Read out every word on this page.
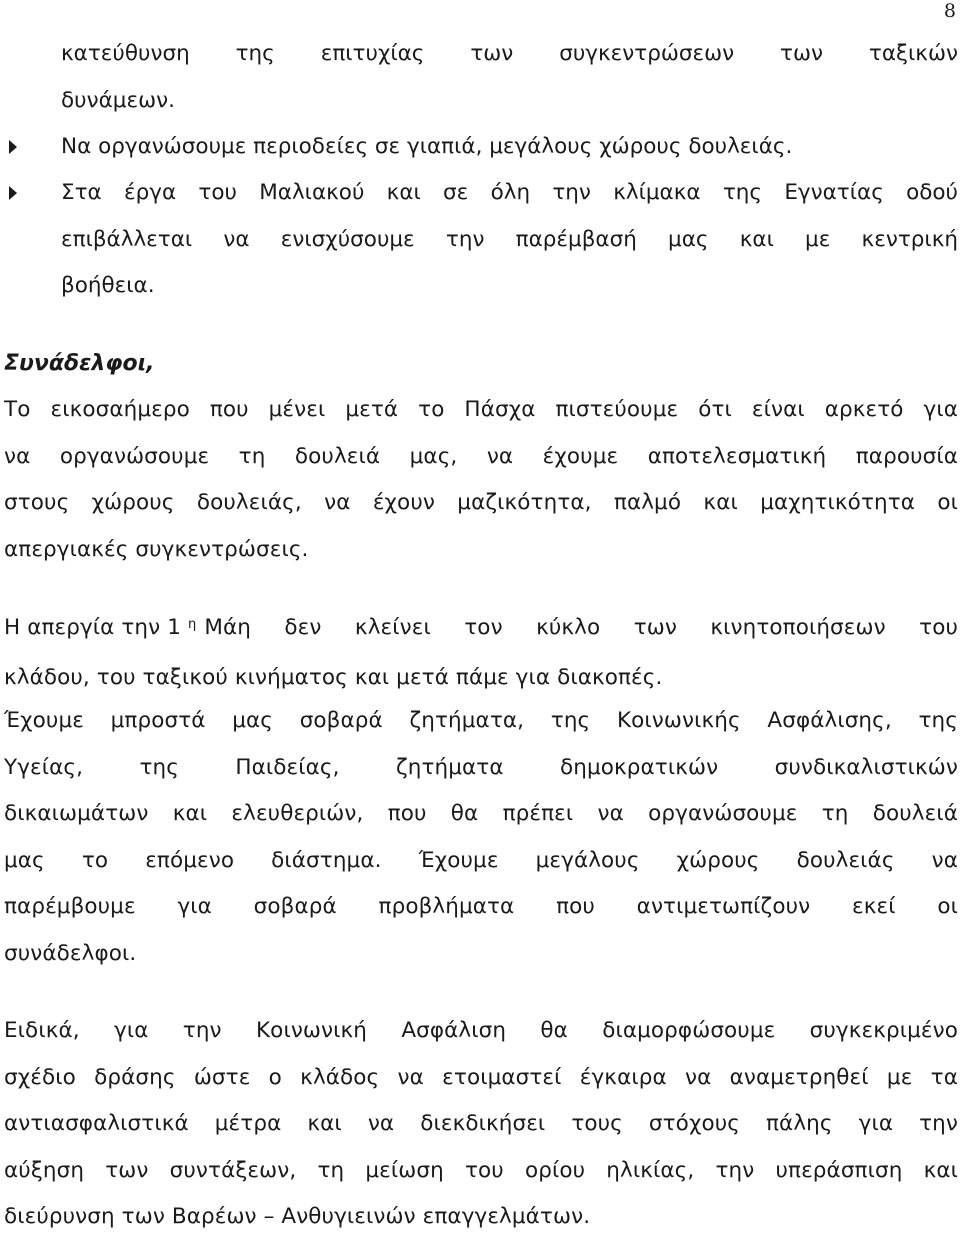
8
κατεύθυνση της επιτυχίας των συγκεντρώσεων των ταξικών
δυνάμεων.
Να οργανώσουμε περιοδείες σε γιαπιά, μεγάλους χώρους δουλειάς.
Στα έργα του Μαλιακού και σε όλη την κλίμακα της Εγνατίας οδού
επιβάλλεται να ενισχύσουμε την παρέμβασή μας και με κεντρική
βοήθεια.
Συνάδελφοι,
Το εικοσαήμερο που μένει μετά το Πάσχα πιστεύουμε ότι είναι αρκετό για
να οργανώσουμε τη δουλειά μας, να έχουμε αποτελεσματική παρουσία
στους χώρους δουλειάς, να έχουν μαζικότητα, παλμό και μαχητικότητα οι
απεργιακές συγκεντρώσεις.
Η απεργία την 1 $^\eta$ Μάη δεν κλείνει τον κύκλο των κινητοποιήσεων του
κλάδου, του ταξικού κινήματος και μετά πάμε για διακοπές.
Έχουμε μπροστά μας σοβαρά ζητήματα, της Κοινωνικής Ασφάλισης, της
Υγείας, της Παιδείας, ζητήματα δημοκρατικών συνδικαλιστικών
δικαιωμάτων και ελευθεριών, που θα πρέπει να οργανώσουμε τη δουλειά
μας το επόμενο διάστημα. Έχουμε μεγάλους χώρους δουλειάς να
παρέμβουμε για σοβαρά προβλήματα που αντιμετωπίζουν εκεί οι
συνάδελφοι.
Ειδικά, για την Κοινωνική Ασφάλιση θα διαμορφώσουμε συγκεκριμένο
σχέδιο δράσης ώστε ο κλάδος να ετοιμαστεί έγκαιρα να αναμετρηθεί με τα
αντιασφαλιστικά μέτρα και να διεκδικήσει τους στόχους πάλης για την
αύξηση των συντάξεων, τη μείωση του ορίου ηλικίας, την υπεράσπιση και
διεύρυνση των Βαρέων – Ανθυγιεινών επαγγελμάτων.
